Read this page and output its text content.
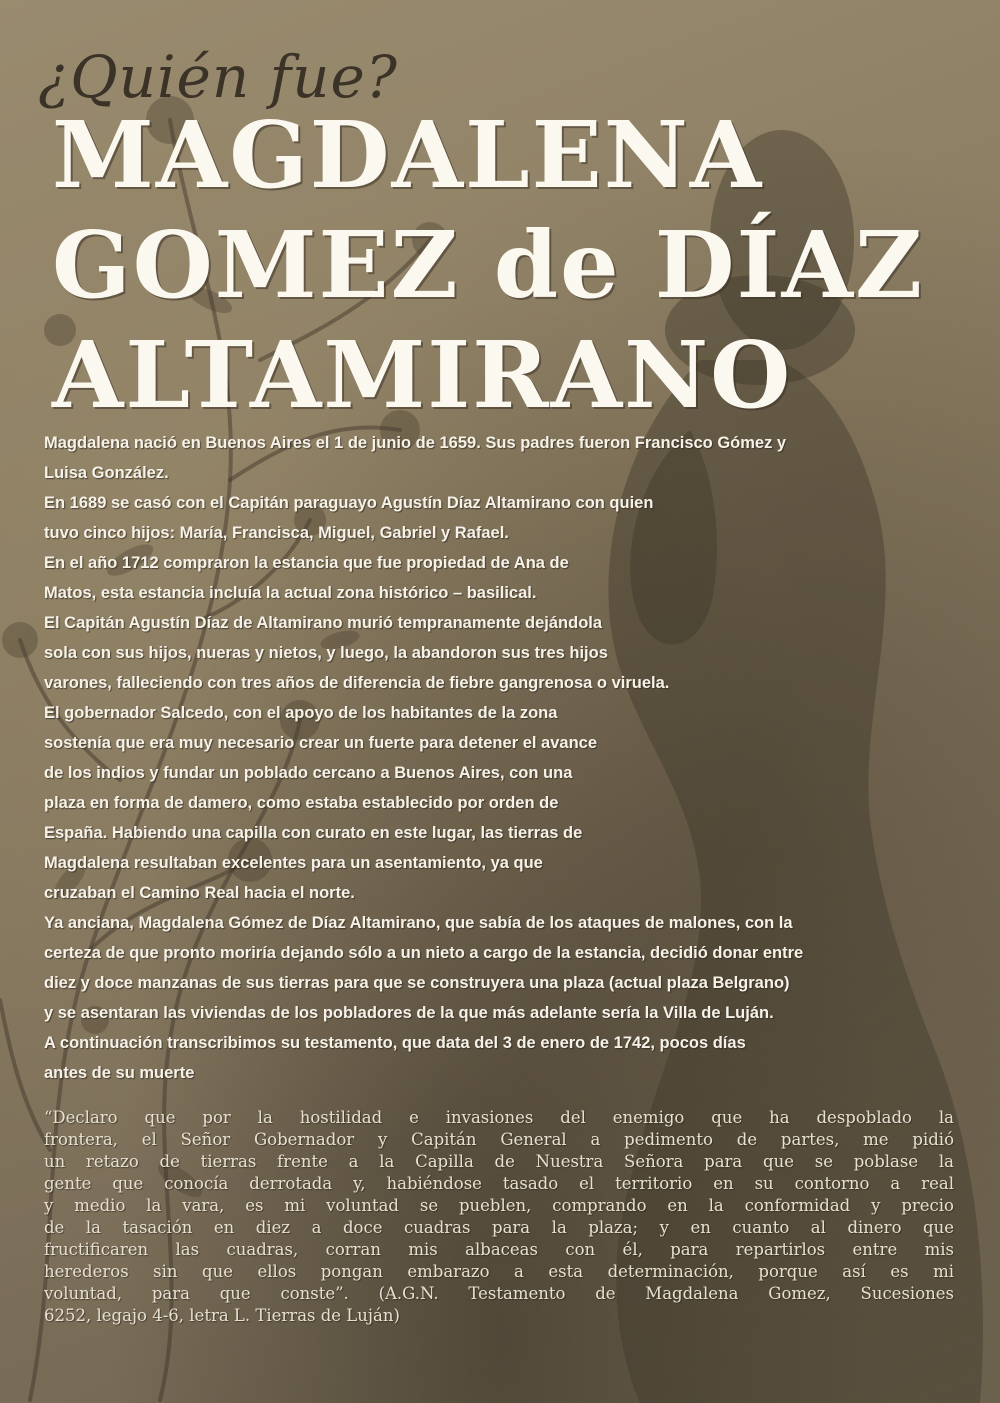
¿Quién fue?
MAGDALENA
GOMEZ de DÍAZ
ALTAMIRANO
Magdalena nació en Buenos Aires el 1 de junio de 1659. Sus padres fueron Francisco Gómez y
Luisa González.
En 1689 se casó con el Capitán paraguayo Agustín Díaz Altamirano con quien
tuvo cinco hijos: María, Francisca, Miguel, Gabriel y Rafael.
En el año 1712 compraron la estancia que fue propiedad de Ana de
Matos, esta estancia incluía la actual zona histórico – basilical.
El Capitán Agustín Díaz de Altamirano murió tempranamente dejándola
sola con sus hijos, nueras y nietos, y luego, la abandoron sus tres hijos
varones, falleciendo con tres años de diferencia de fiebre gangrenosa o viruela.
El gobernador Salcedo, con el apoyo de los habitantes de la zona
sostenía que era muy necesario crear un fuerte para detener el avance
de los indios y fundar un poblado cercano a Buenos Aires, con una
plaza en forma de damero, como estaba establecido por orden de
España. Habiendo una capilla con curato en este lugar, las tierras de
Magdalena resultaban excelentes para un asentamiento, ya que
cruzaban el Camino Real hacia el norte.
Ya anciana, Magdalena Gómez de Díaz Altamirano, que sabía de los ataques de malones, con la
certeza de que pronto moriría dejando sólo a un nieto a cargo de la estancia, decidió donar entre
diez y doce manzanas de sus tierras para que se construyera una plaza (actual plaza Belgrano)
y se asentaran las viviendas de los pobladores de la que más adelante sería la Villa de Luján.
A continuación transcribimos su testamento, que data del 3 de enero de 1742, pocos días
antes de su muerte
“Declaro que por la hostilidad e invasiones del enemigo que ha despoblado la
frontera, el Señor Gobernador y Capitán General a pedimento de partes, me pidió
un retazo de tierras frente a la Capilla de Nuestra Señora para que se poblase la
gente que conocía derrotada y, habiéndose tasado el territorio en su contorno a real
y medio la vara, es mi voluntad se pueblen, comprando en la conformidad y precio
de la tasación en diez a doce cuadras para la plaza; y en cuanto al dinero que
fructificaren las cuadras, corran mis albaceas con él, para repartirlos entre mis
herederos sin que ellos pongan embarazo a esta determinación, porque así es mi
voluntad, para que conste”. (A.G.N. Testamento de Magdalena Gomez, Sucesiones
6252, legajo 4-6, letra L. Tierras de Luján)
